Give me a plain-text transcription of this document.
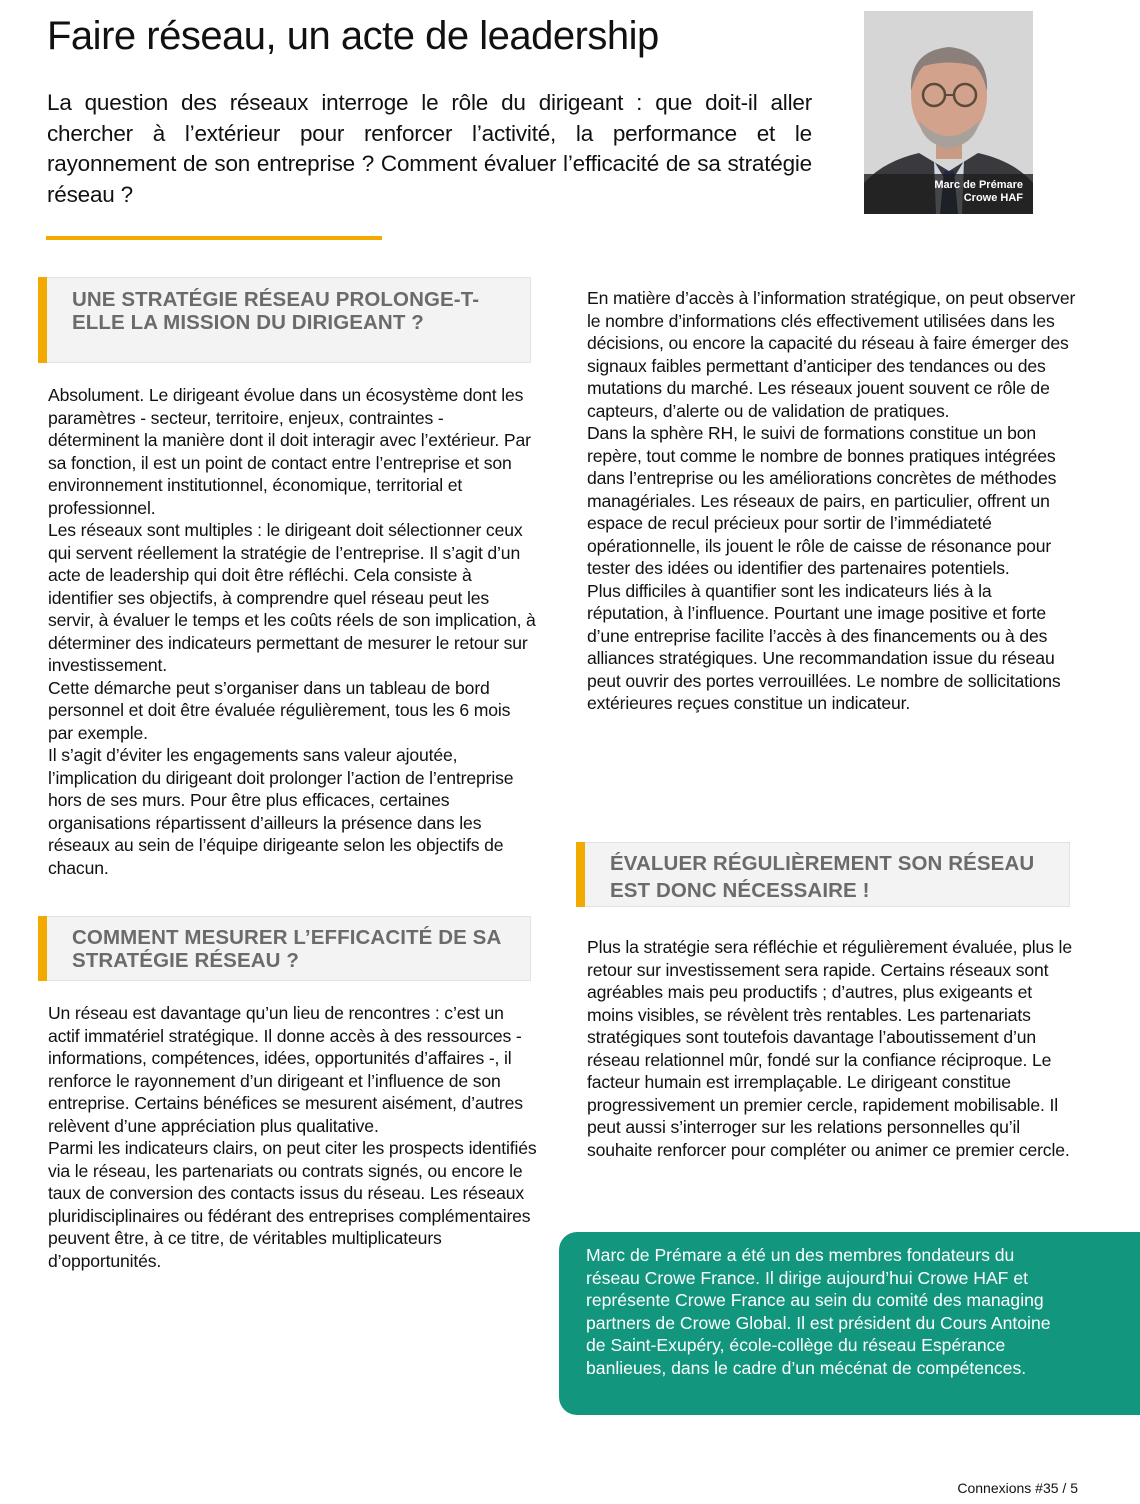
Faire réseau, un acte de leadership

La question des réseaux interroge le rôle du dirigeant : que doit-il aller chercher à l’extérieur pour renforcer l’activité, la performance et le rayonnement de son entreprise ? Comment évaluer l’efficacité de sa stratégie réseau ?	Marc de Prémare
Crowe HAF
UNE STRATÉGIE RÉSEAU PROLONGE-T-ELLE LA MISSION DU DIRIGEANT ?

Absolument. Le dirigeant évolue dans un écosystème dont les paramètres - secteur, territoire, enjeux, contraintes - déterminent la manière dont il doit interagir avec l’extérieur. Par sa fonction, il est un point de contact entre l’entreprise et son environnement institutionnel, économique, territorial et professionnel.

Les réseaux sont multiples : le dirigeant doit sélectionner ceux qui servent réellement la stratégie de l’entreprise. Il s’agit d’un acte de leadership qui doit être réfléchi. Cela consiste à identifier ses objectifs, à comprendre quel réseau peut les servir, à évaluer le temps et les coûts réels de son implication, à déterminer des indicateurs permettant de mesurer le retour sur investissement.

Cette démarche peut s’organiser dans un tableau de bord personnel et doit être évaluée régulièrement, tous les 6 mois par exemple.

Il s’agit d’éviter les engagements sans valeur ajoutée, l’implication du dirigeant doit prolonger l’action de l’entreprise hors de ses murs. Pour être plus efficaces, certaines organisations répartissent d’ailleurs la présence dans les réseaux au sein de l’équipe dirigeante selon les objectifs de chacun.

COMMENT MESURER L’EFFICACITÉ DE SA STRATÉGIE RÉSEAU ?

Un réseau est davantage qu’un lieu de rencontres : c’est un actif immatériel stratégique. Il donne accès à des ressources - informations, compétences, idées, opportunités d’affaires -, il renforce le rayonnement d’un dirigeant et l’influence de son entreprise. Certains bénéfices se mesurent aisément, d’autres relèvent d’une appréciation plus qualitative.

Parmi les indicateurs clairs, on peut citer les prospects identifiés via le réseau, les partenariats ou contrats signés, ou encore le taux de conversion des contacts issus du réseau. Les réseaux pluridisciplinaires ou fédérant des entreprises complémentaires peuvent être, à ce titre, de véritables multiplicateurs d’opportunités.

En matière d’accès à l’information stratégique, on peut observer le nombre d’informations clés effectivement utilisées dans les décisions, ou encore la capacité du réseau à faire émerger des signaux faibles permettant d’anticiper des tendances ou des mutations du marché. Les réseaux jouent souvent ce rôle de capteurs, d’alerte ou de validation de pratiques.

Dans la sphère RH, le suivi de formations constitue un bon repère, tout comme le nombre de bonnes pratiques intégrées dans l’entreprise ou les améliorations concrètes de méthodes managériales. Les réseaux de pairs, en particulier, offrent un espace de recul précieux pour sortir de l’immédiateté opérationnelle, ils jouent le rôle de caisse de résonance pour tester des idées ou identifier des partenaires potentiels.

Plus difficiles à quantifier sont les indicateurs liés à la réputation, à l’influence. Pourtant une image positive et forte d’une entreprise facilite l’accès à des financements ou à des alliances stratégiques. Une recommandation issue du réseau peut ouvrir des portes verrouillées. Le nombre de sollicitations extérieures reçues constitue un indicateur.

ÉVALUER RÉGULIÈREMENT SON RÉSEAU EST DONC NÉCESSAIRE !

Plus la stratégie sera réfléchie et régulièrement évaluée, plus le retour sur investissement sera rapide. Certains réseaux sont agréables mais peu productifs ; d’autres, plus exigeants et moins visibles, se révèlent très rentables. Les partenariats stratégiques sont toutefois davantage l’aboutissement d’un réseau relationnel mûr, fondé sur la confiance réciproque. Le facteur humain est irremplaçable. Le dirigeant constitue progressivement un premier cercle, rapidement mobilisable. Il peut aussi s’interroger sur les relations personnelles qu’il souhaite renforcer pour compléter ou animer ce premier cercle.

Marc de Prémare a été un des membres fondateurs du réseau Crowe France. Il dirige aujourd’hui Crowe HAF et représente Crowe France au sein du comité des managing partners de Crowe Global. Il est président du Cours Antoine de Saint-Exupéry, école-collège du réseau Espérance banlieues, dans le cadre d’un mécénat de compétences.
Connexions #35 / 5
